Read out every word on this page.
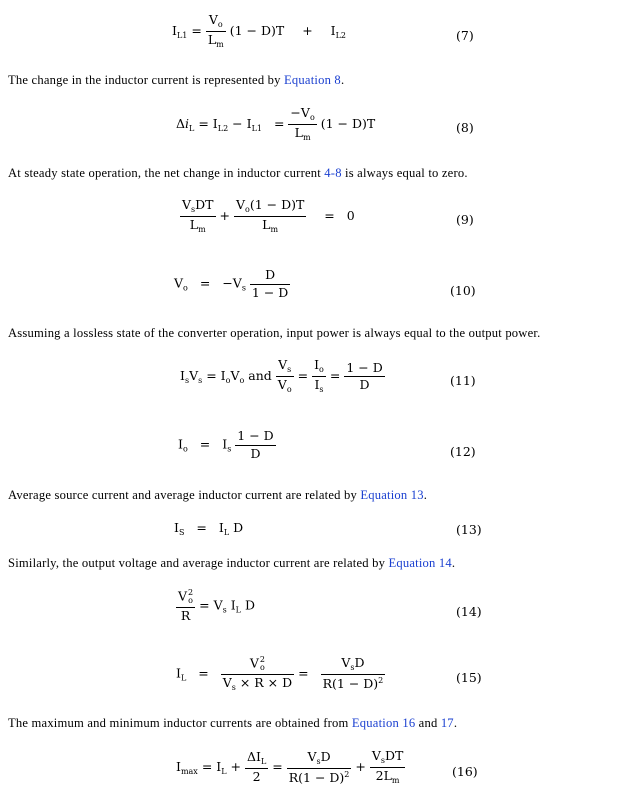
$I_{L1} = \frac{V_o}{L_m} (1 - D)T + I_{L2}$	(7)
The change in the inductor current is represented by Equation 8.
$\Delta i_L = I_{L2} - I_{L1} = \frac{-V_o}{L_m} (1 - D)T$	(8)
At steady state operation, the net change in inductor current 4-8 is always equal to zero.
$\frac{V_sDT}{L_m} + \frac{V_o(1 - D)T}{L_m} = 0$	(9)
$V_o = -V_s \frac{D}{1 - D}$	(10)
Assuming a lossless state of the converter operation, input power is always equal to the output power.
$I_sV_s = I_oV_o$ and $\frac{V_s}{V_o} = \frac{I_o}{I_s} = \frac{1 - D}{D}$	(11)
$I_o = I_s \frac{1 - D}{D}$	(12)
Average source current and average inductor current are related by Equation 13.
$I_S = I_L$ D	(13)
Similarly, the output voltage and average inductor current are related by Equation 14.
V 2
o
$R = V_s$ $I_L$ D	(14)
$I_L = V$ 2
o
$V_s \times R \times D = \frac{V_sD}{R(1 - D)^2}$	(15)
The maximum and minimum inductor currents are obtained from Equation 16 and 17.
$I_{max} = I_L + \frac{\Delta I_L}{2} = \frac{V_sD}{R(1 - D)^2} + \frac{V_sDT}{2L_m}$	(16)
